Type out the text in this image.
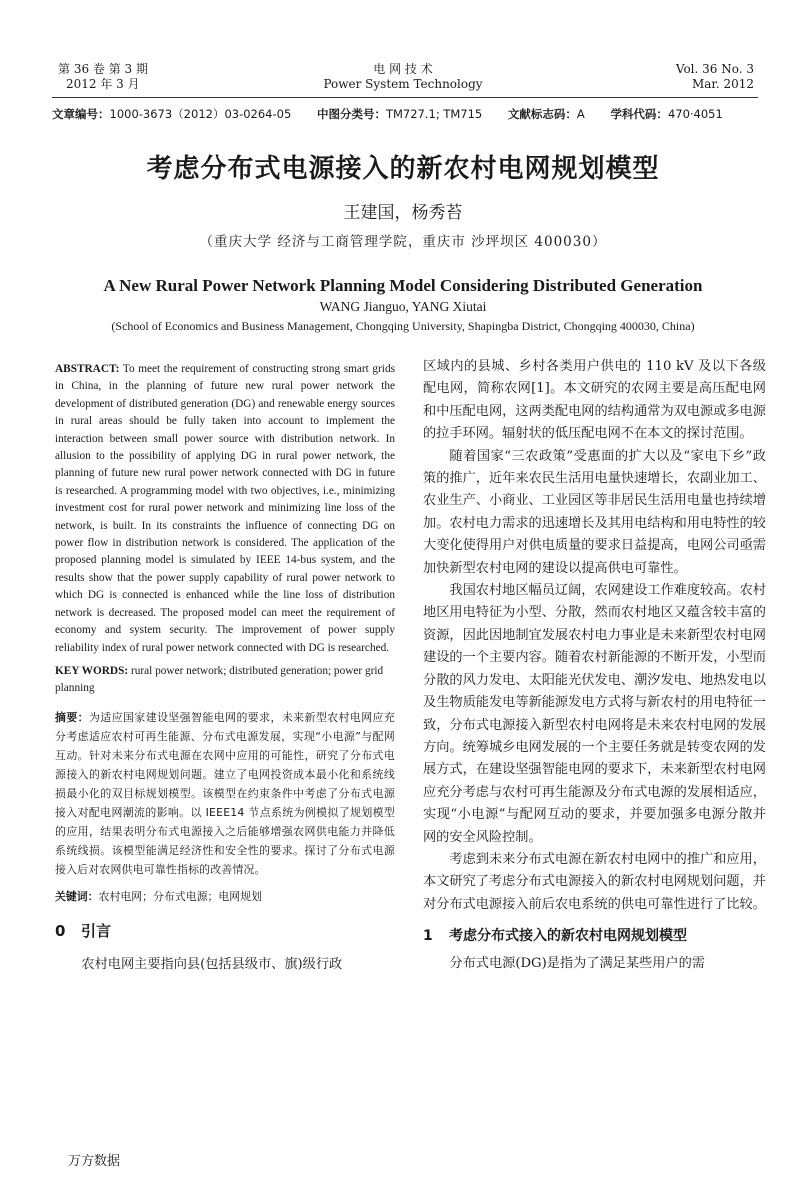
第 36 卷 第 3 期
2012 年 3 月
电 网 技 术
Power System Technology
Vol. 36 No. 3
Mar. 2012
文章编号：1000-3673（2012）03-0264-05 中图分类号：TM727.1; TM715 文献标志码：A 学科代码：470·4051
考虑分布式电源接入的新农村电网规划模型
王建国，杨秀苔
（重庆大学 经济与工商管理学院，重庆市 沙坪坝区 400030）
A New Rural Power Network Planning Model Considering Distributed Generation
WANG Jianguo, YANG Xiutai
(School of Economics and Business Management, Chongqing University, Shapingba District, Chongqing 400030, China)

ABSTRACT: To meet the requirement of constructing strong smart grids in China, in the planning of future new rural power network the development of distributed generation (DG) and renewable energy sources in rural areas should be fully taken into account to implement the interaction between small power source with distribution network. In allusion to the possibility of applying DG in rural power network, the planning of future new rural power network connected with DG in future is researched. A programming model with two objectives, i.e., minimizing investment cost for rural power network and minimizing line loss of the network, is built. In its constraints the influence of connecting DG on power flow in distribution network is considered. The application of the proposed planning model is simulated by IEEE 14-bus system, and the results show that the power supply capability of rural power network to which DG is connected is enhanced while the line loss of distribution network is decreased. The proposed model can meet the requirement of economy and system security. The improvement of power supply reliability index of rural power network connected with DG is researched.

KEY WORDS: rural power network; distributed generation; power grid planning
摘要：为适应国家建设坚强智能电网的要求，未来新型农村电网应充分考虑适应农村可再生能源、分布式电源发展，实现“小电源”与配网互动。针对未来分布式电源在农网中应用的可能性，研究了分布式电源接入的新农村电网规划问题。建立了电网投资成本最小化和系统线损最小化的双目标规划模型。该模型在约束条件中考虑了分布式电源接入对配电网潮流的影响。以 IEEE14 节点系统为例模拟了规划模型的应用，结果表明分布式电源接入之后能够增强农网供电能力并降低系统线损。该模型能满足经济性和安全性的要求。探讨了分布式电源接入后对农网供电可靠性指标的改善情况。
关键词：农村电网；分布式电源；电网规划
0 引言
农村电网主要指向县(包括县级市、旗)级行政

区域内的县城、乡村各类用户供电的 110 kV 及以下各级配电网，简称农网[1]。本文研究的农网主要是高压配电网和中压配电网，这两类配电网的结构通常为双电源或多电源的拉手环网。辐射状的低压配电网不在本文的探讨范围。

随着国家“三农政策”受惠面的扩大以及“家电下乡”政策的推广，近年来农民生活用电量快速增长，农副业加工、农业生产、小商业、工业园区等非居民生活用电量也持续增加。农村电力需求的迅速增长及其用电结构和用电特性的较大变化使得用户对供电质量的要求日益提高，电网公司亟需加快新型农村电网的建设以提高供电可靠性。

我国农村地区幅员辽阔，农网建设工作难度较高。农村地区用电特征为小型、分散，然而农村地区又蕴含较丰富的资源，因此因地制宜发展农村电力事业是未来新型农村电网建设的一个主要内容。随着农村新能源的不断开发，小型而分散的风力发电、太阳能光伏发电、潮汐发电、地热发电以及生物质能发电等新能源发电方式将与新农村的用电特征一致，分布式电源接入新型农村电网将是未来农村电网的发展方向。统筹城乡电网发展的一个主要任务就是转变农网的发展方式，在建设坚强智能电网的要求下，未来新型农村电网应充分考虑与农村可再生能源及分布式电源的发展相适应，实现“小电源”与配网互动的要求，并要加强多电源分散并网的安全风险控制。

考虑到未来分布式电源在新农村电网中的推广和应用，本文研究了考虑分布式电源接入的新农村电网规划问题，并对分布式电源接入前后农电系统的供电可靠性进行了比较。

1 考虑分布式接入的新农村电网规划模型

分布式电源(DG)是指为了满足某些用户的需

万方数据
